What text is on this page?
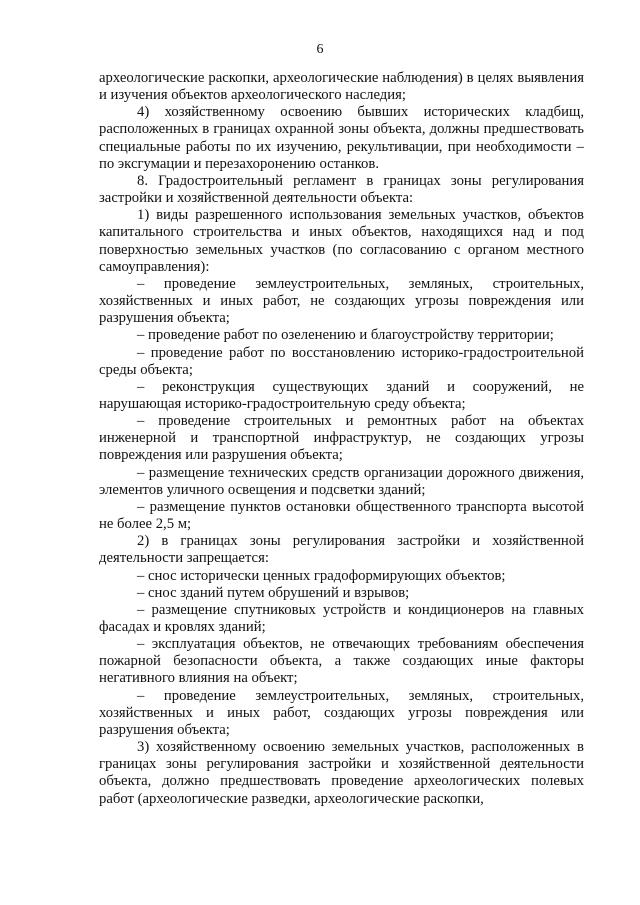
6

археологические раскопки, археологические наблюдения) в целях выявления и изучения объектов археологического наследия;

4) хозяйственному освоению бывших исторических кладбищ, расположенных в границах охранной зоны объекта, должны предшествовать специальные работы по их изучению, рекультивации, при необходимости – по эксгумации и перезахоронению останков.

8. Градостроительный регламент в границах зоны регулирования застройки и хозяйственной деятельности объекта:

1) виды разрешенного использования земельных участков, объектов капитального строительства и иных объектов, находящихся над и под поверхностью земельных участков (по согласованию с органом местного самоуправления):

– проведение землеустроительных, земляных, строительных, хозяйственных и иных работ, не создающих угрозы повреждения или разрушения объекта;

– проведение работ по озеленению и благоустройству территории;

– проведение работ по восстановлению историко-градостроительной среды объекта;

– реконструкция существующих зданий и сооружений, не нарушающая историко-градостроительную среду объекта;

– проведение строительных и ремонтных работ на объектах инженерной и транспортной инфраструктур, не создающих угрозы повреждения или разрушения объекта;

– размещение технических средств организации дорожного движения, элементов уличного освещения и подсветки зданий;

– размещение пунктов остановки общественного транспорта высотой не более 2,5 м;

2) в границах зоны регулирования застройки и хозяйственной деятельности запрещается:

– снос исторически ценных градоформирующих объектов;

– снос зданий путем обрушений и взрывов;

– размещение спутниковых устройств и кондиционеров на главных фасадах и кровлях зданий;

– эксплуатация объектов, не отвечающих требованиям обеспечения пожарной безопасности объекта, а также создающих иные факторы негативного влияния на объект;

– проведение землеустроительных, земляных, строительных, хозяйственных и иных работ, создающих угрозы повреждения или разрушения объекта;

3) хозяйственному освоению земельных участков, расположенных в границах зоны регулирования застройки и хозяйственной деятельности объекта, должно предшествовать проведение археологических полевых работ (археологические разведки, археологические раскопки,
